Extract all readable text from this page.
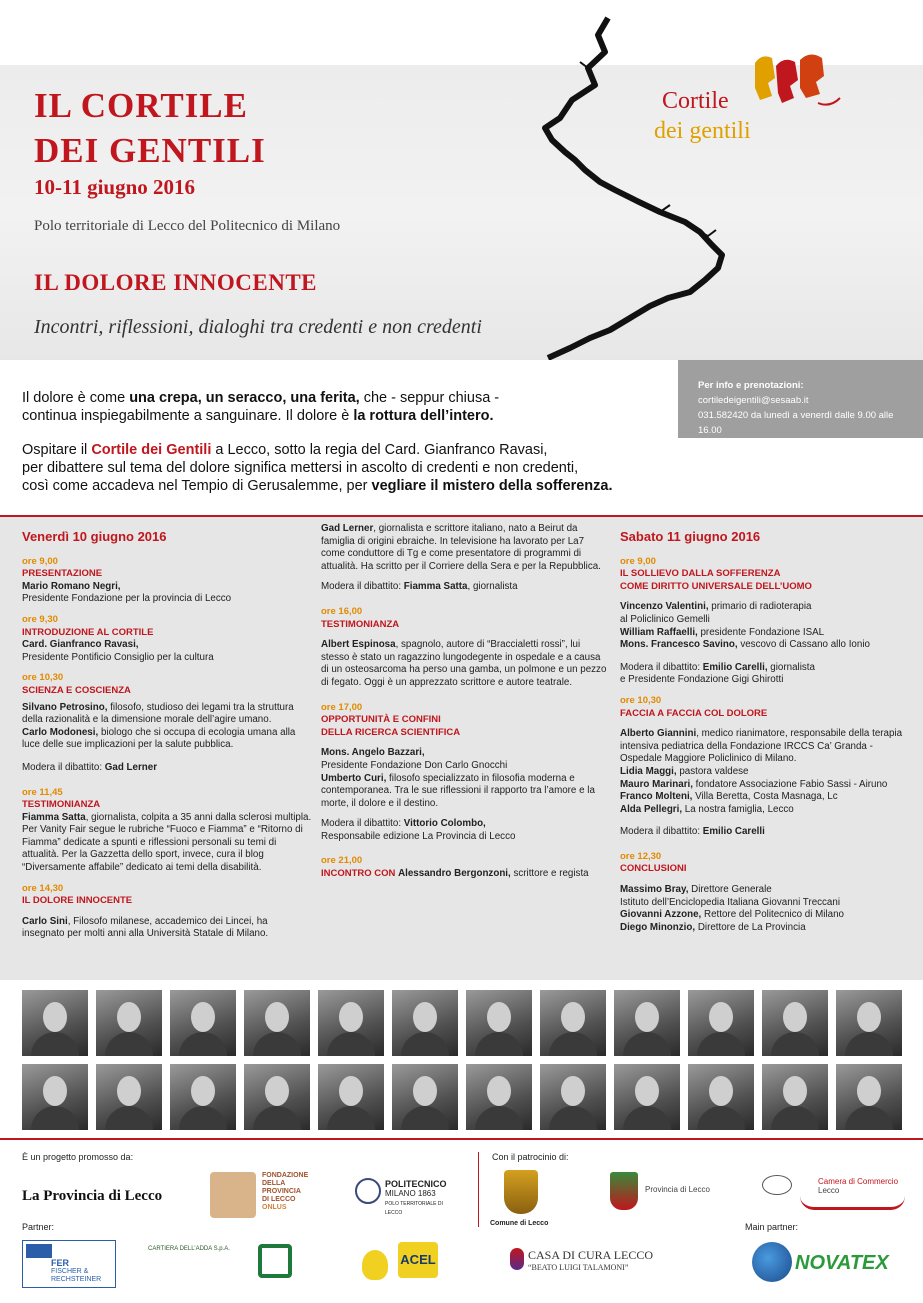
IL CORTILE
DEI GENTILI
10-11 giugno 2016
Polo territoriale di Lecco del Politecnico di Milano
IL DOLORE INNOCENTE
Incontri, riflessioni, dialoghi tra credenti e non credenti
Cortile
dei gentili

Il dolore è come una crepa, un seracco, una ferita, che - seppur chiusa -
continua inspiegabilmente a sanguinare. Il dolore è la rottura dell’intero.

Ospitare il Cortile dei Gentili a Lecco, sotto la regia del Card. Gianfranco Ravasi,
per dibattere sul tema del dolore significa mettersi in ascolto di credenti e non credenti,
così come accadeva nel Tempio di Gerusalemme, per vegliare il mistero della sofferenza.

Per info e prenotazioni: cortiledeigentili@sesaab.it
031.582420 da lunedì a venerdì dalle 9.00 alle 16.00
Polo Territoriale di Lecco: via Previati, 1/c Lecco
Venerdì 10 giugno 2016
ore 9,00
PRESENTAZIONE
Mario Romano Negri,
Presidente Fondazione per la provincia di Lecco
ore 9,30
INTRODUZIONE AL CORTILE
Card. Gianfranco Ravasi,
Presidente Pontificio Consiglio per la cultura
ore 10,30
SCIENZA E COSCIENZA
Silvano Petrosino, filosofo, studioso dei legami tra la struttura della razionalità e la dimensione morale dell’agire umano.
Carlo Modonesi, biologo che si occupa di ecologia umana alla luce delle sue implicazioni per la salute pubblica.
Modera il dibattito: Gad Lerner
ore 11,45
TESTIMONIANZA
Fiamma Satta, giornalista, colpita a 35 anni dalla sclerosi multipla. Per Vanity Fair segue le rubriche “Fuoco e Fiamma” e “Ritorno di Fiamma” dedicate a spunti e riflessioni personali su temi di attualità. Per la Gazzetta dello sport, invece, cura il blog “Diversamente affabile” dedicato ai temi della disabilità.
ore 14,30
IL DOLORE INNOCENTE
Carlo Sini, Filosofo milanese, accademico dei Lincei, ha insegnato per molti anni alla Università Statale di Milano.
Gad Lerner, giornalista e scrittore italiano, nato a Beirut da famiglia di origini ebraiche. In televisione ha lavorato per La7 come conduttore di Tg e come presentatore di programmi di attualità. Ha scritto per il Corriere della Sera e per la Repubblica.
Modera il dibattito: Fiamma Satta, giornalista
ore 16,00
TESTIMONIANZA
Albert Espinosa, spagnolo, autore di “Braccialetti rossi”, lui stesso è stato un ragazzino lungodegente in ospedale e a causa di un osteosarcoma ha perso una gamba, un polmone e un pezzo di fegato. Oggi è un apprezzato scrittore e autore teatrale.
ore 17,00
OPPORTUNITÀ E CONFINI
DELLA RICERCA SCIENTIFICA
Mons. Angelo Bazzari,
Presidente Fondazione Don Carlo Gnocchi
Umberto Curi, filosofo specializzato in filosofia moderna e contemporanea. Tra le sue riflessioni il rapporto tra l’amore e la morte, il dolore e il destino.
Modera il dibattito: Vittorio Colombo,
Responsabile edizione La Provincia di Lecco
ore 21,00
INCONTRO CON Alessandro Bergonzoni, scrittore e regista
Sabato 11 giugno 2016
ore 9,00
IL SOLLIEVO DALLA SOFFERENZA
COME DIRITTO UNIVERSALE DELL’UOMO
Vincenzo Valentini, primario di radioterapia
al Policlinico Gemelli
William Raffaelli, presidente Fondazione ISAL
Mons. Francesco Savino, vescovo di Cassano allo Ionio
Modera il dibattito: Emilio Carelli, giornalista
e Presidente Fondazione Gigi Ghirotti
ore 10,30
FACCIA A FACCIA COL DOLORE
Alberto Giannini, medico rianimatore, responsabile della terapia intensiva pediatrica della Fondazione IRCCS Ca’ Granda - Ospedale Maggiore Policlinico di Milano.
Lidia Maggi, pastora valdese
Mauro Marinari, fondatore Associazione Fabio Sassi - Airuno
Franco Molteni, Villa Beretta, Costa Masnaga, Lc
Alda Pellegri, La nostra famiglia, Lecco
Modera il dibattito: Emilio Carelli
ore 12,30
CONCLUSIONI
Massimo Bray, Direttore Generale
Istituto dell’Enciclopedia Italiana Giovanni Treccani
Giovanni Azzone, Rettore del Politecnico di Milano
Diego Minonzio, Direttore de La Provincia
È un progetto promosso da:	Con il patrocinio di:
La Provincia di Lecco
FONDAZIONE
DELLA
PROVINCIA
DI LECCO
ONLUS
POLITECNICO
MILANO 1863
POLO TERRITORIALE DI
LECCO
Comune di Lecco
Provincia di Lecco
Camera di Commercio
Lecco
Partner:	Main partner:
FER
FISCHER &
RECHSTEINER
CARTIERA DELL’ADDA S.p.A.
ACEL	CASA DI CURA LECCO
“BEATO LUIGI TALAMONI”	NOVATEX
